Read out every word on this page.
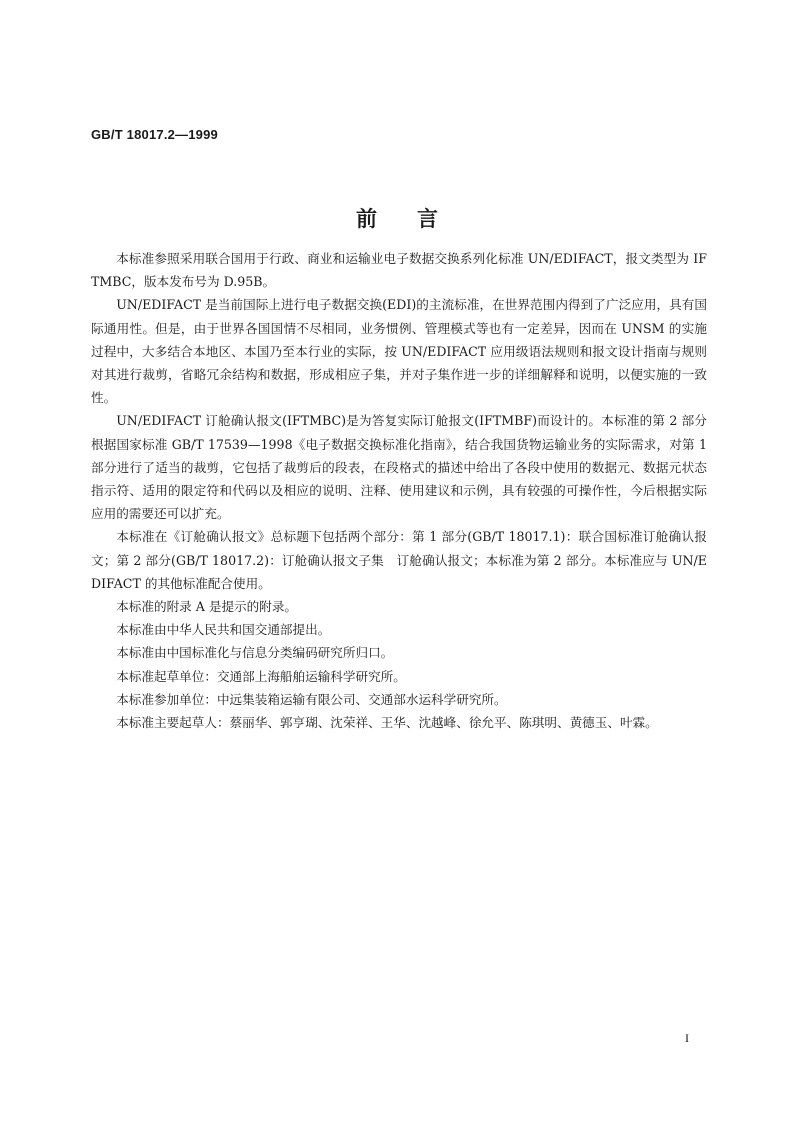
GB/T 18017.2—1999
前言

本标准参照采用联合国用于行政、商业和运输业电子数据交换系列化标准 UN/EDIFACT，报文类型为 IFTMBC，版本发布号为 D.95B。

UN/EDIFACT 是当前国际上进行电子数据交换(EDI)的主流标准，在世界范围内得到了广泛应用，具有国际通用性。但是，由于世界各国国情不尽相同，业务惯例、管理模式等也有一定差异，因而在 UNSM 的实施过程中，大多结合本地区、本国乃至本行业的实际，按 UN/EDIFACT 应用级语法规则和报文设计指南与规则对其进行裁剪，省略冗余结构和数据，形成相应子集，并对子集作进一步的详细解释和说明，以便实施的一致性。

UN/EDIFACT 订舱确认报文(IFTMBC)是为答复实际订舱报文(IFTMBF)而设计的。本标准的第 2 部分根据国家标准 GB/T 17539—1998《电子数据交换标准化指南》，结合我国货物运输业务的实际需求，对第 1 部分进行了适当的裁剪，它包括了裁剪后的段表，在段格式的描述中给出了各段中使用的数据元、数据元状态指示符、适用的限定符和代码以及相应的说明、注释、使用建议和示例，具有较强的可操作性，今后根据实际应用的需要还可以扩充。

本标准在《订舱确认报文》总标题下包括两个部分：第 1 部分(GB/T 18017.1)：联合国标准订舱确认报文；第 2 部分(GB/T 18017.2)：订舱确认报文子集　订舱确认报文；本标准为第 2 部分。本标准应与 UN/EDIFACT 的其他标准配合使用。

本标准的附录 A 是提示的附录。

本标准由中华人民共和国交通部提出。

本标准由中国标准化与信息分类编码研究所归口。

本标准起草单位：交通部上海船舶运输科学研究所。

本标准参加单位：中远集装箱运输有限公司、交通部水运科学研究所。

本标准主要起草人：蔡丽华、郭亨瑚、沈荣祥、王华、沈越峰、徐允平、陈琪明、黄德玉、叶霖。

I
